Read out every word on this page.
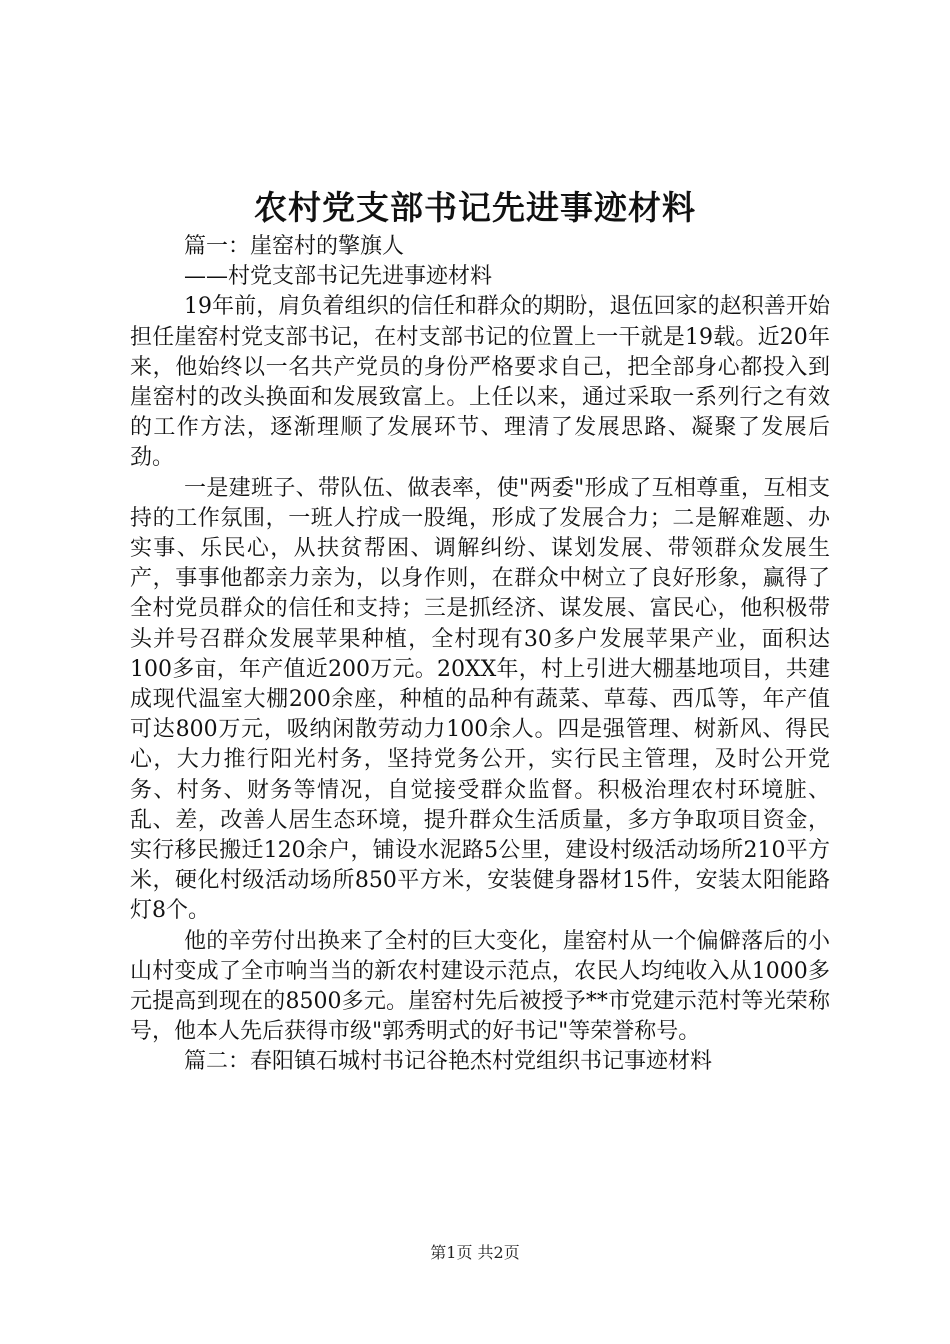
农村党支部书记先进事迹材料

篇一：崖窑村的擎旗人

——村党支部书记先进事迹材料

19年前，肩负着组织的信任和群众的期盼，退伍回家的赵积善开始担任崖窑村党支部书记，在村支部书记的位置上一干就是19载。近20年来，他始终以一名共产党员的身份严格要求自己，把全部身心都投入到崖窑村的改头换面和发展致富上。上任以来，通过采取一系列行之有效的工作方法，逐渐理顺了发展环节、理清了发展思路、凝聚了发展后劲。

一是建班子、带队伍、做表率，使"两委"形成了互相尊重，互相支持的工作氛围，一班人拧成一股绳，形成了发展合力；二是解难题、办实事、乐民心，从扶贫帮困、调解纠纷、谋划发展、带领群众发展生产，事事他都亲力亲为，以身作则，在群众中树立了良好形象，赢得了全村党员群众的信任和支持；三是抓经济、谋发展、富民心，他积极带头并号召群众发展苹果种植，全村现有30多户发展苹果产业，面积达100多亩，年产值近200万元。20XX年，村上引进大棚基地项目，共建成现代温室大棚200余座，种植的品种有蔬菜、草莓、西瓜等，年产值可达800万元，吸纳闲散劳动力100余人。四是强管理、树新风、得民心，大力推行阳光村务，坚持党务公开，实行民主管理，及时公开党务、村务、财务等情况，自觉接受群众监督。积极治理农村环境脏、乱、差，改善人居生态环境，提升群众生活质量，多方争取项目资金，实行移民搬迁120余户，铺设水泥路5公里，建设村级活动场所210平方米，硬化村级活动场所850平方米，安装健身器材15件，安装太阳能路灯8个。

他的辛劳付出换来了全村的巨大变化，崖窑村从一个偏僻落后的小山村变成了全市响当当的新农村建设示范点，农民人均纯收入从1000多元提高到现在的8500多元。崖窑村先后被授予**市党建示范村等光荣称号，他本人先后获得市级"郭秀明式的好书记"等荣誉称号。

篇二：春阳镇石城村书记谷艳杰村党组织书记事迹材料

第1页 共2页
